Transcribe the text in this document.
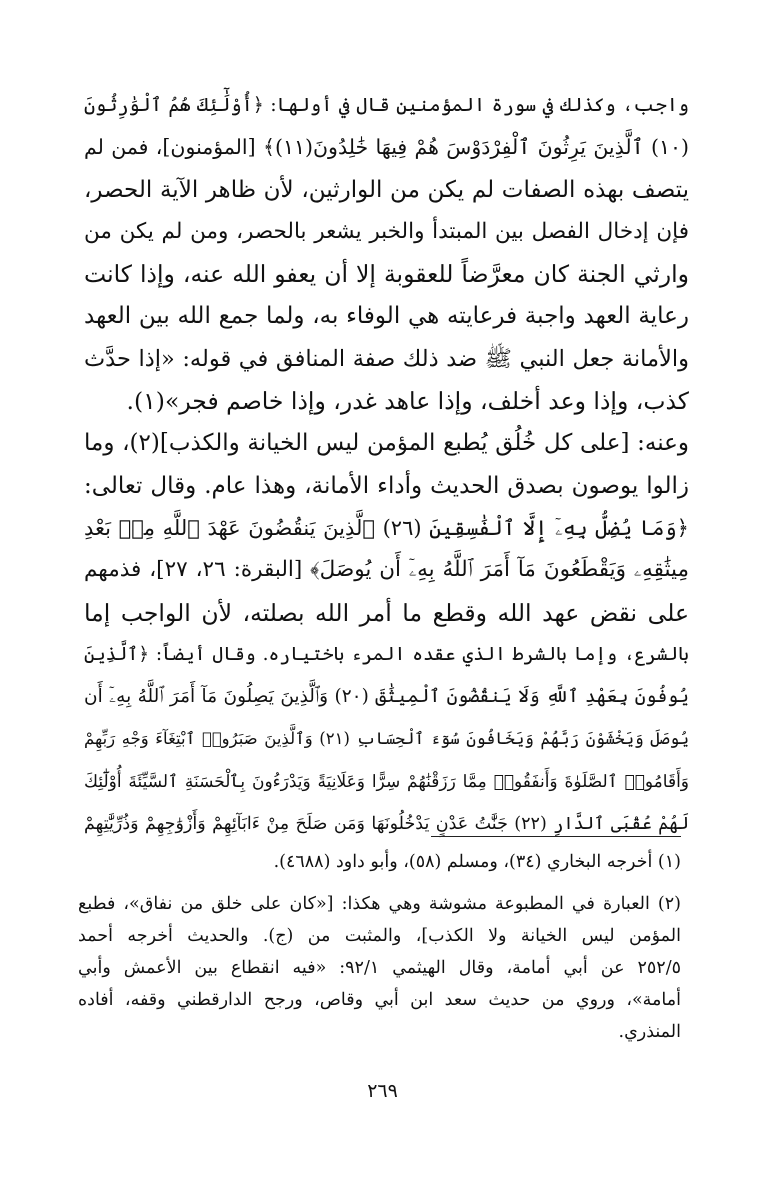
واجب، وكذلك في سورة المؤمنين قال في أولها: ﴿أُوْلَٰٓئِكَ هُمُ ٱلْوَٰرِثُونَ
(١٠) ٱلَّذِينَ يَرِثُونَ ٱلْفِرْدَوْسَ هُمْ فِيهَا خَٰلِدُونَ(١١)﴾ [المؤمنون]، فمن لم
يتصف بهذه الصفات لم يكن من الوارثين، لأن ظاهر الآية الحصر،
فإن إدخال الفصل بين المبتدأ والخبر يشعر بالحصر، ومن لم يكن من
وارثي الجنة كان معرَّضاً للعقوبة إلا أن يعفو الله عنه، وإذا كانت
رعاية العهد واجبة فرعايته هي الوفاء به، ولما جمع الله بين العهد
والأمانة جعل النبي ﷺ ضد ذلك صفة المنافق في قوله: «إذا حدَّث
كذب، وإذا وعد أخلف، وإذا عاهد غدر، وإذا خاصم فجر»(١).
وعنه: [على كل خُلُق يُطبع المؤمن ليس الخيانة والكذب](٢)، وما
زالوا يوصون بصدق الحديث وأداء الأمانة، وهذا عام. وقال تعالى:
﴿وَمَا يُضِلُّ بِهِۦٓ إِلَّا ٱلْفَٰسِقِينَ (٢٦) ٱلَّذِينَ يَنقُضُونَ عَهْدَ ٱللَّهِ مِنۢ بَعْدِ
مِيثَٰقِهِۦ وَيَقْطَعُونَ مَآ أَمَرَ ٱللَّهُ بِهِۦٓ أَن يُوصَلَ﴾ [البقرة: ٢٦، ٢٧]، فذمهم
على نقض عهد الله وقطع ما أمر الله بصلته، لأن الواجب إما
بالشرع، وإما بالشرط الذي عقده المرء باختياره. وقال أيضاً: ﴿ٱلَّذِينَ
يُوفُونَ بِعَهْدِ ٱللَّهِ وَلَا يَنقُضُونَ ٱلْمِيثَٰقَ (٢٠) وَٱلَّذِينَ يَصِلُونَ مَآ أَمَرَ ٱللَّهُ بِهِۦٓ أَن
يُوصَلَ وَيَخْشَوْنَ رَبَّهُمْ وَيَخَافُونَ سُوٓءَ ٱلْحِسَابِ (٢١) وَٱلَّذِينَ صَبَرُوا۟ ٱبْتِغَآءَ وَجْهِ رَبِّهِمْ
وَأَقَامُوا۟ ٱلصَّلَوٰةَ وَأَنفَقُوا۟ مِمَّا رَزَقْنَٰهُمْ سِرًّا وَعَلَانِيَةً وَيَدْرَءُونَ بِٱلْحَسَنَةِ ٱلسَّيِّئَةَ أُوْلَٰٓئِكَ
لَهُمْ عُقْبَى ٱلدَّارِ (٢٢) جَنَّٰتُ عَدْنٍ يَدْخُلُونَهَا وَمَن صَلَحَ مِنْ ءَابَآئِهِمْ وَأَزْوَٰجِهِمْ وَذُرِّيَّٰتِهِمْ
(١) أخرجه البخاري (٣٤)، ومسلم (٥٨)، وأبو داود (٤٦٨٨).
(٢) العبارة في المطبوعة مشوشة وهي هكذا: [«كان على خلق من نفاق»، فطبع
المؤمن ليس الخيانة ولا الكذب]، والمثبت من (ج). والحديث أخرجه أحمد
٢٥٢/٥ عن أبي أمامة، وقال الهيثمي ٩٢/١: «فيه انقطاع بين الأعمش وأبي
أمامة»، وروي من حديث سعد ابن أبي وقاص، ورجح الدارقطني وقفه، أفاده
المنذري.
٢٦٩
